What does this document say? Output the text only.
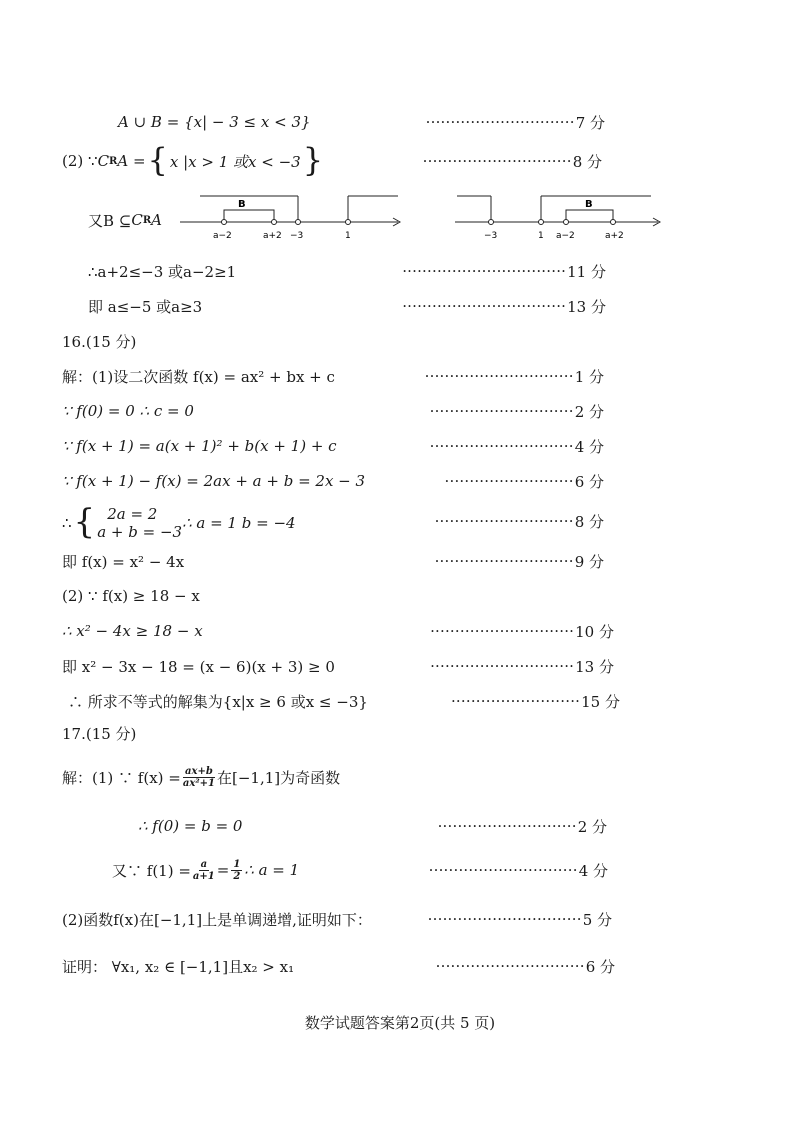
A ∪ B = {x| − 3 ≤ x < 3}	······························ 7 分
(2) ∵ C R A = { x |x > 1 或x < −3 }	······························ 8 分
又B ⊆ C R A
B
a−2	a+2 −3	1
B
−3	1 a−2	a+2
∴a+2≤−3 或a−2≥1	································· 11 分
即 a≤−5 或a≥3	································· 13 分
16.(15 分)
解：(1)设二次函数 f(x) = ax² + bx + c	······························ 1 分
∵ f(0) = 0 ∴ c = 0	····························· 2 分
∵ f(x + 1) = a(x + 1)² + b(x + 1) + c	····························· 4 分
∵ f(x + 1) − f(x) = 2ax + a + b = 2x − 3	·························· 6 分
∴ { 2a = 2
a + b = −3 ∴ a = 1 b = −4	···························· 8 分
即 f(x) = x² − 4x	···························· 9 分
(2) ∵ f(x) ≥ 18 − x
∴ x² − 4x ≥ 18 − x	····························· 10 分
即 x² − 3x − 18 = (x − 6)(x + 3) ≥ 0	····························· 13 分
∴ 所求不等式的解集为{x|x ≥ 6 或x ≤ −3}	·························· 15 分
17.(15 分)
解：(1) ∵ $f(x) = \frac{ax+b}{\text{ax²+1}}$ 在[−1,1]为奇函数
∴ f(0) = b = 0	···························· 2 分
又∵ $f(1) = \frac{a}{a+1} = \frac{1}{2}$ ∴ a = 1	······························ 4 分
(2)函数f(x)在[−1,1]上是单调递增,证明如下：	······························· 5 分
证明： ∀x₁, x₂ ∈ [−1,1]且x₂ > x₁	······························ 6 分
数学试题答案第2页(共 5 页)
